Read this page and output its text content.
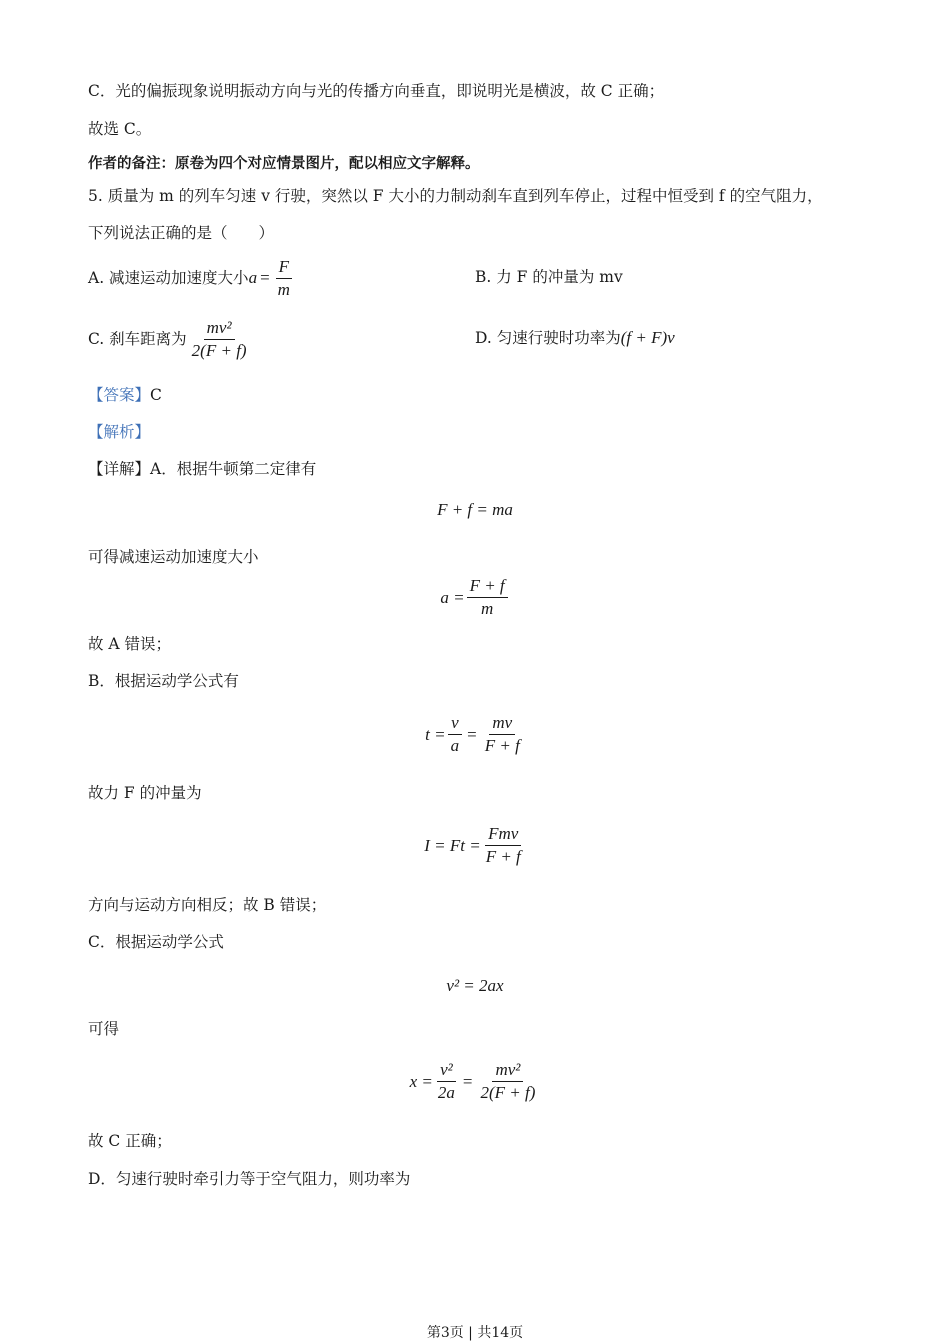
C．光的偏振现象说明振动方向与光的传播方向垂直，即说明光是横波，故 C 正确；
故选 C。
作者的备注：原卷为四个对应情景图片，配以相应文字解释。
5. 质量为 m 的列车匀速 v 行驶，突然以 F 大小的力制动刹车直到列车停止，过程中恒受到 f 的空气阻力，
下列说法正确的是（　　）
A. 减速运动加速度大小 $a = \frac{F}{m}$	B. 力 F 的冲量为 mv
C. 刹车距离为 $\frac{\text{mv²}}{2(F + f)}$	D. 匀速行驶时功率为 (f + F)v
【答案】C
【解析】
【详解】A．根据牛顿第二定律有
F + f = ma
可得减速运动加速度大小
$a = \frac{F + f}{m}$
故 A 错误；
B．根据运动学公式有
$t = \frac{v}{a} = \frac{mv}{F + f}$
故力 F 的冲量为
$I = Ft = \frac{\text{Fmv}}{F + f}$
方向与运动方向相反；故 B 错误；
C．根据运动学公式
v² = 2ax
可得
$x = \frac{\text{v²}}{2a} = \frac{\text{mv²}}{2(F + f)}$
故 C 正确；
D．匀速行驶时牵引力等于空气阻力，则功率为
第3页 | 共14页
